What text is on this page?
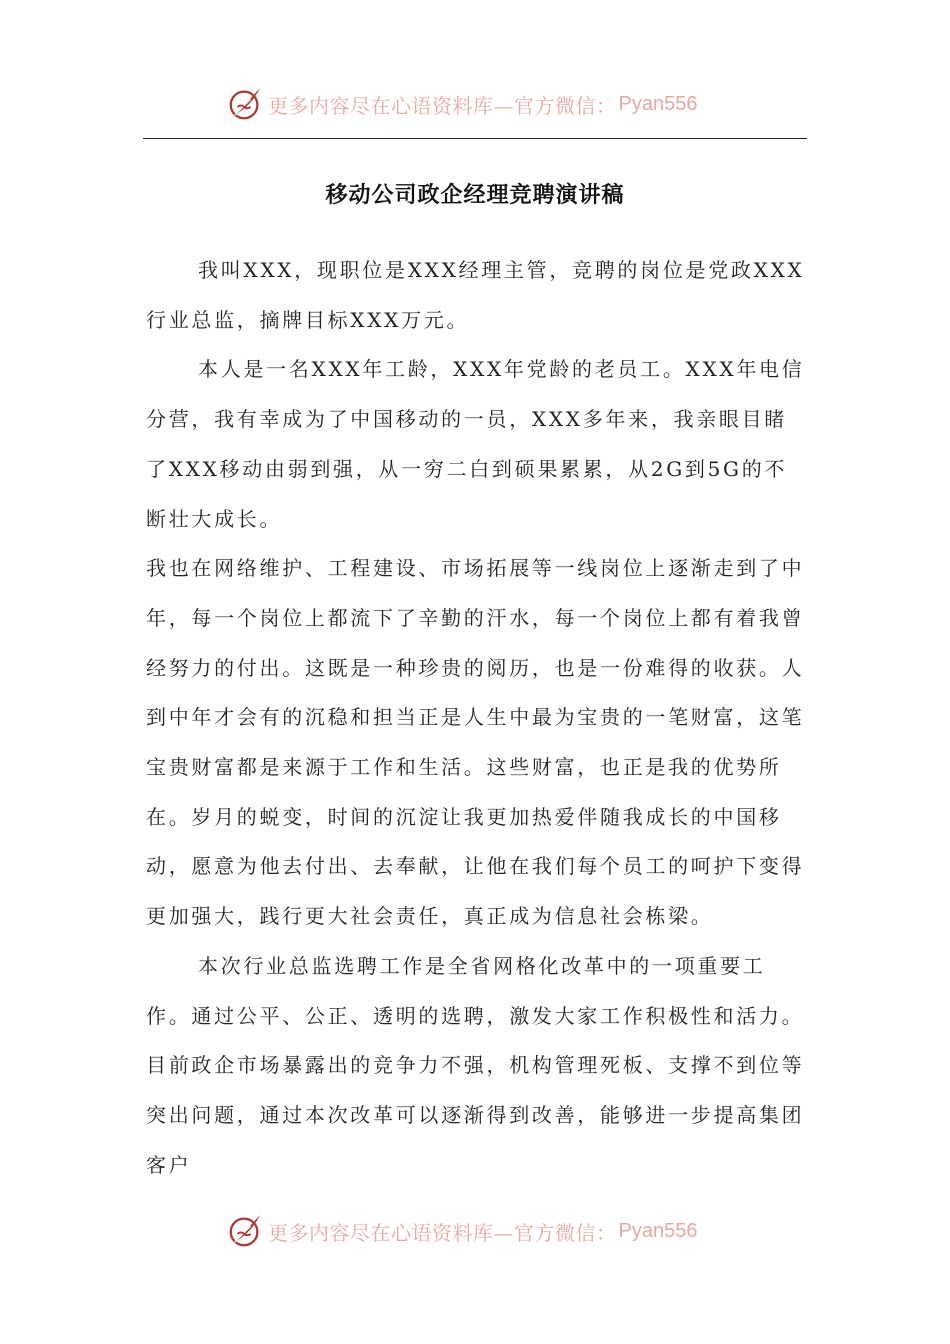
更多内容尽在心语资料库—官方微信： Pyan556
移动公司政企经理竞聘演讲稿

我叫XXX，现职位是XXX经理主管，竞聘的岗位是党政XXX行业总监，摘牌目标XXX万元。

本人是一名XXX年工龄，XXX年党龄的老员工。XXX年电信分营，我有幸成为了中国移动的一员，XXX多年来，我亲眼目睹了XXX移动由弱到强，从一穷二白到硕果累累，从2G到5G的不断壮大成长。

我也在网络维护、工程建设、市场拓展等一线岗位上逐渐走到了中年，每一个岗位上都流下了辛勤的汗水，每一个岗位上都有着我曾经努力的付出。这既是一种珍贵的阅历，也是一份难得的收获。人到中年才会有的沉稳和担当正是人生中最为宝贵的一笔财富，这笔宝贵财富都是来源于工作和生活。这些财富，也正是我的优势所在。岁月的蜕变，时间的沉淀让我更加热爱伴随我成长的中国移动，愿意为他去付出、去奉献，让他在我们每个员工的呵护下变得更加强大，践行更大社会责任，真正成为信息社会栋梁。

本次行业总监选聘工作是全省网格化改革中的一项重要工作。通过公平、公正、透明的选聘，激发大家工作积极性和活力。目前政企市场暴露出的竞争力不强，机构管理死板、支撑不到位等突出问题，通过本次改革可以逐渐得到改善，能够进一步提高集团客户

更多内容尽在心语资料库—官方微信： Pyan556
